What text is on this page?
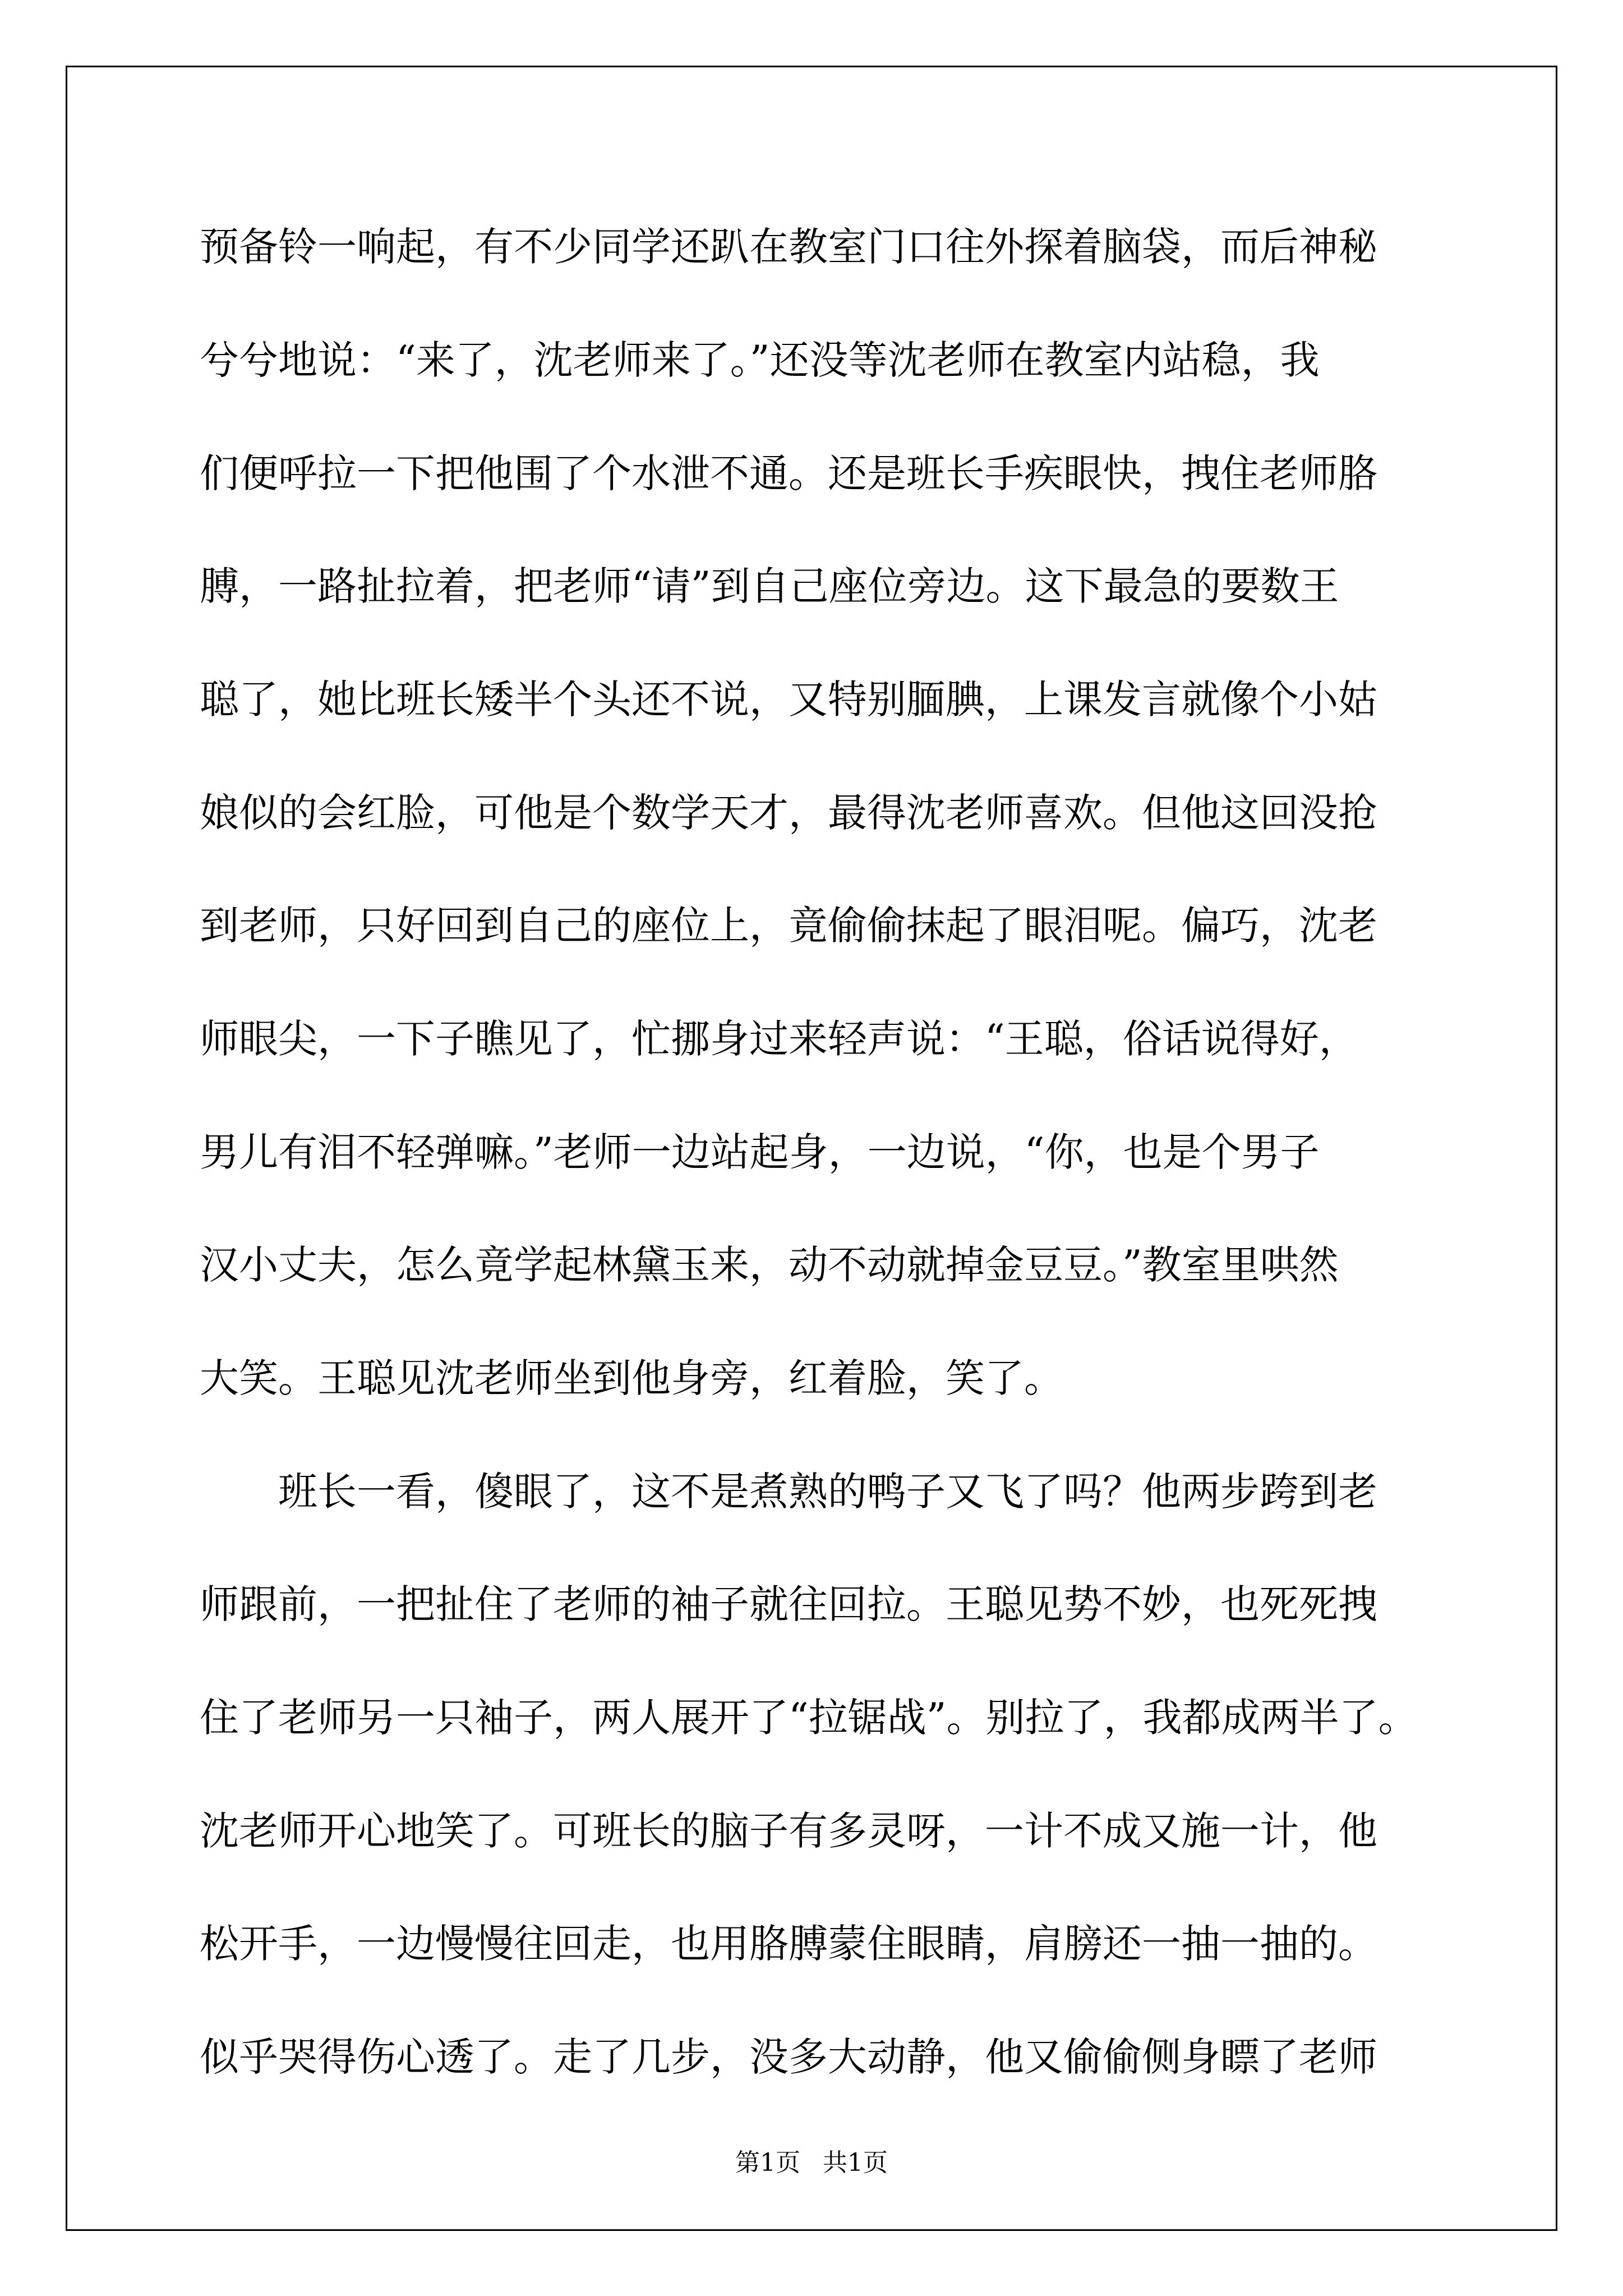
预备铃一响起，有不少同学还趴在教室门口往外探着脑袋，而后神秘
兮兮地说：“来了，沈老师来了。”还没等沈老师在教室内站稳，我
们便呼拉一下把他围了个水泄不通。还是班长手疾眼快，拽住老师胳
膊，一路扯拉着，把老师“请”到自己座位旁边。这下最急的要数王
聪了，她比班长矮半个头还不说，又特别腼腆，上课发言就像个小姑
娘似的会红脸，可他是个数学天才，最得沈老师喜欢。但他这回没抢
到老师，只好回到自己的座位上，竟偷偷抹起了眼泪呢。偏巧，沈老
师眼尖，一下子瞧见了，忙挪身过来轻声说：“王聪，俗话说得好，
男儿有泪不轻弹嘛。”老师一边站起身，一边说，“你，也是个男子
汉小丈夫，怎么竟学起林黛玉来，动不动就掉金豆豆。”教室里哄然
大笑。王聪见沈老师坐到他身旁，红着脸，笑了。
　　班长一看，傻眼了，这不是煮熟的鸭子又飞了吗？他两步跨到老
师跟前，一把扯住了老师的袖子就往回拉。王聪见势不妙，也死死拽
住了老师另一只袖子，两人展开了“拉锯战”。别拉了，我都成两半了。
沈老师开心地笑了。可班长的脑子有多灵呀，一计不成又施一计，他
松开手，一边慢慢往回走，也用胳膊蒙住眼睛，肩膀还一抽一抽的。
似乎哭得伤心透了。走了几步，没多大动静，他又偷偷侧身瞟了老师
第1页 共1页
